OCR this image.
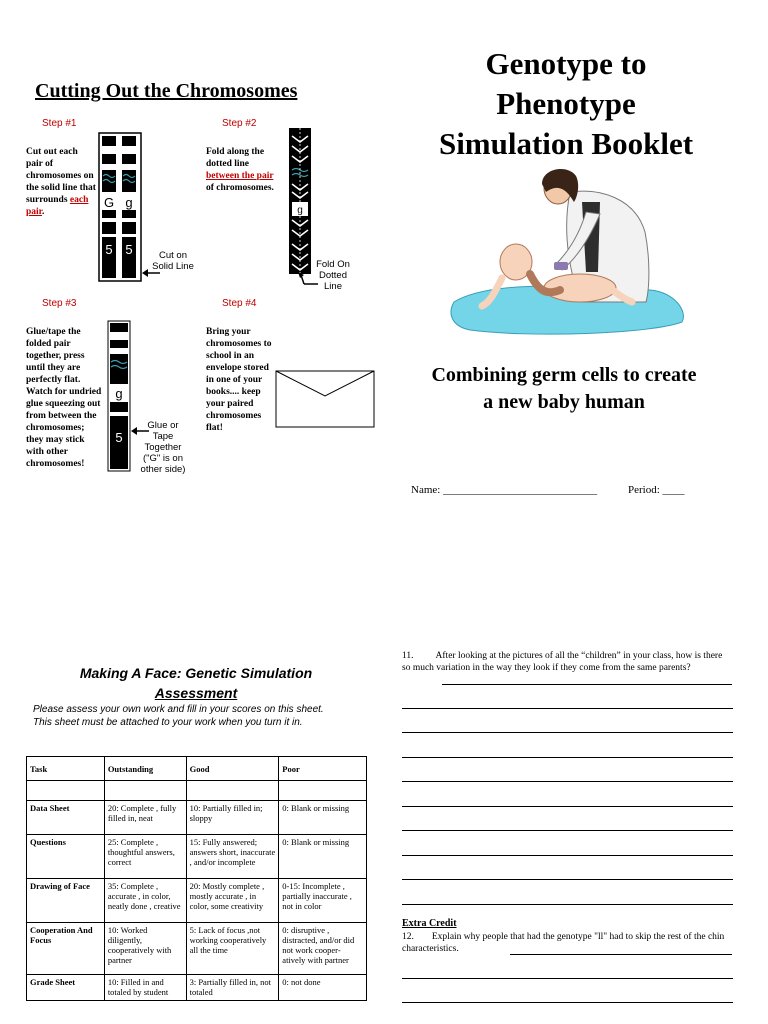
Cutting Out the Chromosomes
Step #1
Cut out each pair of chromosomes on the solid line that surrounds each pair.
G g
5 5	Cut on Solid Line
Step #2
Fold along the dotted line between the pair of chromosomes.
g
Fold On Dotted Line
Step #3
Glue/tape the folded pair together, press until they are perfectly flat. Watch for undried glue squeezing out from between the chromosomes; they may stick with other chromosomes!
g
5
Glue or Tape Together ("G" is on other side)
Step #4
Bring your chromosomes to school in an envelope stored in one of your books.... keep your paired chromosomes flat!
Genotype to
Phenotype
Simulation Booklet
Combining germ cells to create
a new baby human
Name: ____________________________	Period: ____
Making A Face: Genetic Simulation
Assessment
Please assess your own work and fill in your scores on this sheet. This sheet must be attached to your work when you turn it in.
Task	Outstanding	Good	Poor

Data Sheet	20: Complete , fully filled in, neat	10: Partially filled in; sloppy	0: Blank or missing
Questions	25: Complete , thoughtful answers, correct	15: Fully answered; answers short, inaccurate , and/or incomplete	0: Blank or missing
Drawing of Face	35: Complete , accurate , in color, neatly done , creative	20: Mostly complete , mostly accurate , in color, some creativity	0-15: Incomplete , partially inaccurate , not in color
Cooperation And Focus	10: Worked diligently, cooperatively with partner	5: Lack of focus ,not working cooperatively all the time	0: disruptive , distracted, and/or did not work cooper-atively with partner
Grade Sheet	10: Filled in and totaled by student	3: Partially filled in, not totaled	0: not done
11. After looking at the pictures of all the “children” in your class, how is there so much variation in the way they look if they come from the same parents?
Extra Credit
12. Explain why people that had the genotype "ll" had to skip the rest of the chin characteristics.
